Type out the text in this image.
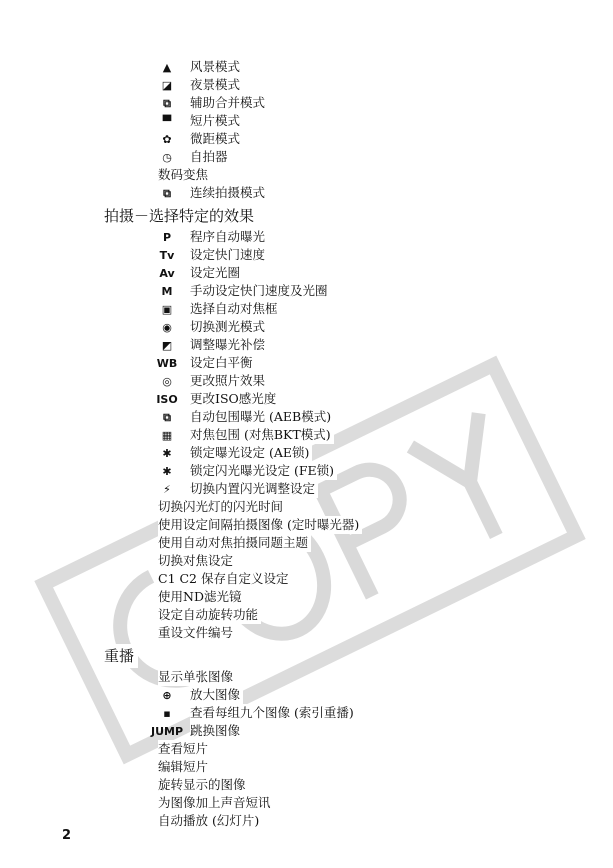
▲	风景模式
◪	夜景模式
⧉	辅助合并模式
▀	短片模式
✿	微距模式
◷	自拍器
数码变焦
⧉	连续拍摄模式
拍摄－选择特定的效果
P	程序自动曝光
Tv 设定快门速度
Av 设定光圈
M 手动设定快门速度及光圈
▣	选择自动对焦框
◉	切换测光模式
◩	调整曝光补偿
WB 设定白平衡
◎	更改照片效果
ISO 更改ISO感光度
⧉	自动包围曝光 (AEB模式)
▦	对焦包围 (对焦BKT模式)
✱	锁定曝光设定 (AE锁)
✱	锁定闪光曝光设定 (FE锁)
⚡	切换内置闪光调整设定
切换闪光灯的闪光时间
使用设定间隔拍摄图像 (定时曝光器)
使用自动对焦拍摄同题主题
切换对焦设定
C1 C2 保存自定义设定
使用ND滤光镜
设定自动旋转功能
重设文件编号
重播
显示单张图像
⊕	放大图像
▪	查看每组九个图像 (索引重播)
JUMP 跳换图像
查看短片
编辑短片
旋转显示的图像
为图像加上声音短讯
自动播放 (幻灯片)
2
